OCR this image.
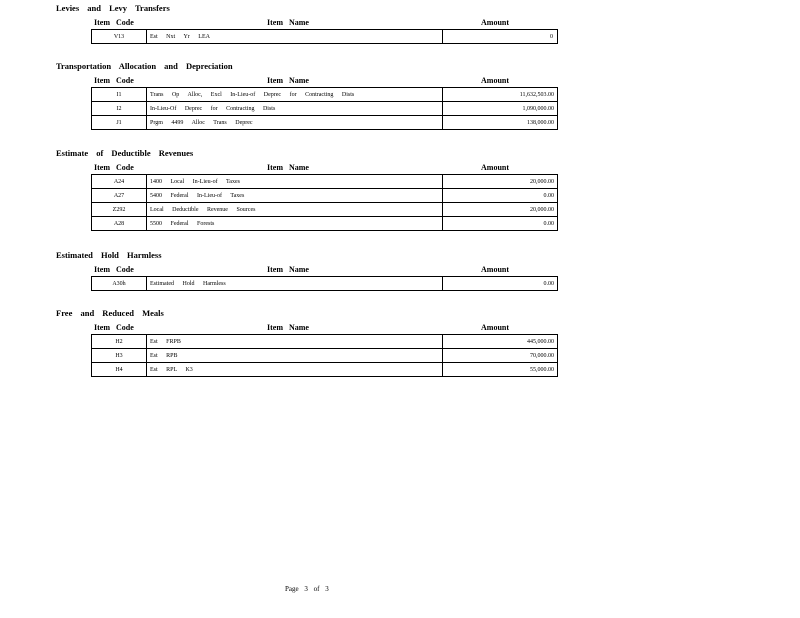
Levies and Levy Transfers
Item Code	Item Name	Amount
V13	Est Nxt Yr LEA	0
Transportation Allocation and Depreciation
Item Code	Item Name	Amount
I1	Trans Op Alloc, Excl In-Lieu-of Deprec for Contracting Dists	11,632,503.00
I2	In-Lieu-Of Deprec for Contracting Dists	1,090,000.00
J1	Prgm 4499 Alloc Trans Deprec	138,000.00
Estimate of Deductible Revenues
Item Code	Item Name	Amount
A24	1400 Local In-Lieu-of Taxes	20,000.00
A27	5400 Federal In-Lieu-of Taxes	0.00
Z292	Local Deductible Revenue Sources	20,000.00
A28	5500 Federal Forests	0.00
Estimated Hold Harmless
Item Code	Item Name	Amount
A30h	Estimated Hold Harmless	0.00
Free and Reduced Meals
Item Code	Item Name	Amount
H2	Est FRPB	445,000.00
H3	Est RPB	70,000.00
H4	Est RPL K3	55,000.00
Page 3 of 3
